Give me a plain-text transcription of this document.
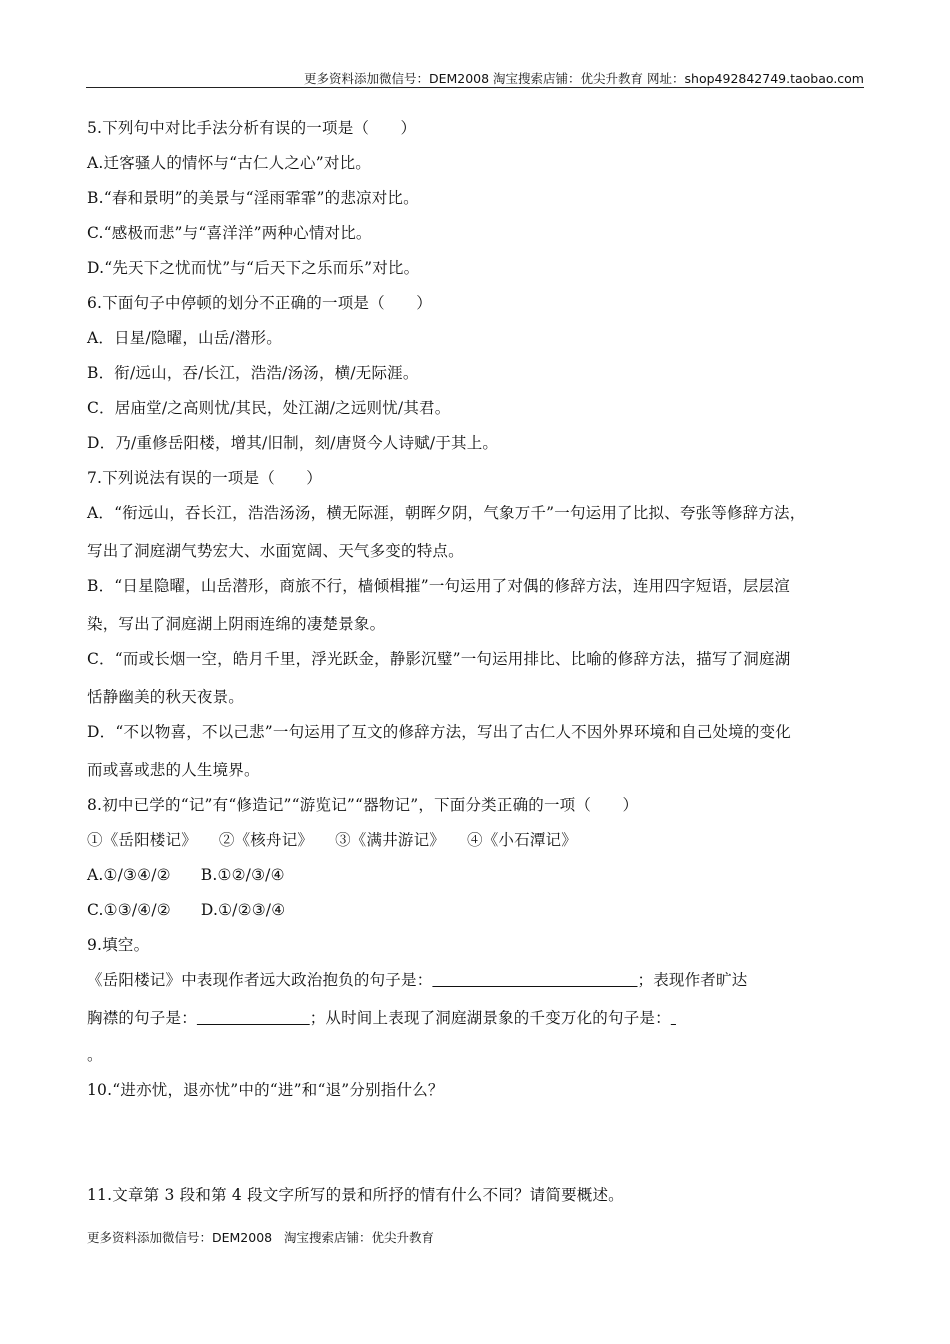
更多资料添加微信号：DEM2008 淘宝搜索店铺：优尖升教育 网址：shop492842749.taobao.com
5.下列句中对比手法分析有误的一项是（　　）
A.迁客骚人的情怀与“古仁人之心”对比。
B.“春和景明”的美景与“淫雨霏霏”的悲凉对比。
C.“感极而悲”与“喜洋洋”两种心情对比。
D.“先天下之忧而忧”与“后天下之乐而乐”对比。
6.下面句子中停顿的划分不正确的一项是（　　）
A．日星/隐曜，山岳/潜形。
B．衔/远山，吞/长江，浩浩/汤汤，横/无际涯。
C．居庙堂/之高则忧/其民，处江湖/之远则忧/其君。
D．乃/重修岳阳楼，增其/旧制，刻/唐贤今人诗赋/于其上。
7.下列说法有误的一项是（　　）
A．“衔远山，吞长江，浩浩汤汤，横无际涯，朝晖夕阴，气象万千”一句运用了比拟、夸张等修辞方法，
写出了洞庭湖气势宏大、水面宽阔、天气多变的特点。
B．“日星隐曜，山岳潜形，商旅不行，樯倾楫摧”一句运用了对偶的修辞方法，连用四字短语，层层渲
染，写出了洞庭湖上阴雨连绵的凄楚景象。
C．“而或长烟一空，皓月千里，浮光跃金，静影沉璧”一句运用排比、比喻的修辞方法，描写了洞庭湖
恬静幽美的秋天夜景。
D．“不以物喜，不以己悲”一句运用了互文的修辞方法，写出了古仁人不因外界环境和自己处境的变化
而或喜或悲的人生境界。
8.初中已学的“记”有“修造记”“游览记”“器物记”，下面分类正确的一项（　　）
①《岳阳楼记》 ②《核舟记》 ③《满井游记》 ④《小石潭记》
A.①/③④/② B.①②/③/④
C.①③/④/② D.①/②③/④
9.填空。
《岳阳楼记》中表现作者远大政治抱负的句子是：	；表现作者旷达
胸襟的句子是：	；从时间上表现了洞庭湖景象的千变万化的句子是：
。
10.“进亦忧，退亦忧”中的“进”和“退”分别指什么？
11.文章第 3 段和第 4 段文字所写的景和所抒的情有什么不同？请简要概述。
更多资料添加微信号：DEM2008   淘宝搜索店铺：优尖升教育
